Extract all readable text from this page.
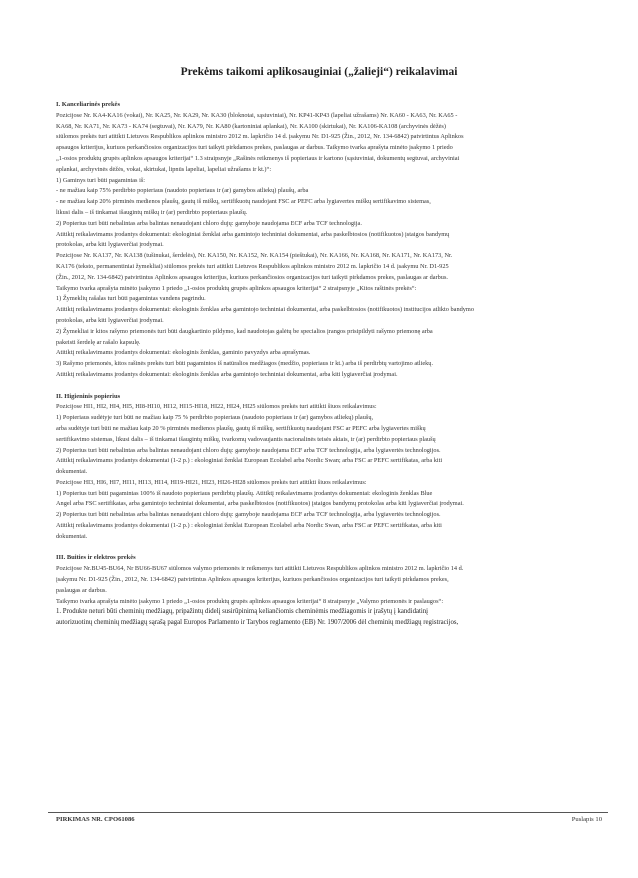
Prekėms taikomi aplikosauginiai („žalieji“) reikalavimai
I. Kanceliarinės prekės
Pozicijose Nr. KA4-KA16 (vokai), Nr. KA25, Nr. KA29, Nr. KA30 (bloknotai, sąsiuviniai), Nr. KP41-KP43 (lapeliai užrašams) Nr. KA60 - KA63, Nr. KA65 -
KA68, Nr. KA71, Nr. KA73 - KA74 (segtuvai), Nr. KA79, Nr. KA80 (kartoniniai aplankai), Nr. KA100 (skirtukai), Nr. KA106-KA108 (archyvinės dėžės)
siūlomos prekės turi atitikti Lietuvos Respublikos aplinkos ministro 2012 m. lapkričio 14 d. įsakymu Nr. D1-925 (Žin., 2012, Nr. 134-6842) patvirtintus Aplinkos
apsaugos kriterijus, kuriuos perkančiosios organizacijos turi taikyti pirkdamos prekes, paslaugas ar darbus. Taikymo tvarka aprašyta minėto įsakymo 1 priedo
„1-osios produktų grupės aplinkos apsaugos kriterijai“ 1.3 straipsnyje „Rašinės reikmenys iš popieriaus ir kartono (sąsiuviniai, dokumentų segtuvai, archyviniai
aplankai, archyvinės dėžės, vokai, skirtukai, lipnūs lapeliai, lapeliai užrašams ir kt.)“:
1) Gaminys turi būti pagamintas iš:
- ne mažiau kaip 75% perdirbto popieriaus (naudoto popieriaus ir (ar) gamybos atliekų) plaušų, arba
- ne mažiau kaip 20% pirminės medienos plaušų, gautų iš miškų, sertifikuotų naudojant FSC ar PEFC arba lygiavertes miškų sertifikavimo sistemas,
likusi dalis – iš tinkamai išaugintų miškų ir (ar) perdirbto popieriaus plaušų.
2) Popierius turi būti nebalintas arba balintas nenaudojant chloro dujų: gamyboje naudojama ECF arba TCF technologija.
Atitiktį reikalavimams įrodantys dokumentai: ekologiniai ženklai arba gamintojo techniniai dokumentai, arba paskelbtosios (notifikuotos) įstaigos bandymų
protokolas, arba kiti lygiaverčiai įrodymai.
Pozicijose Nr. KA137, Nr. KA138 (tušinukai, šerdelės), Nr. KA150, Nr. KA152, Nr. KA154 (pieštukai), Nr. KA166, Nr. KA168, Nr. KA171, Nr. KA173, Nr.
KA176 (teksto, permanentiniai žymekliai) siūlomos prekės turi atitikti Lietuvos Respublikos aplinkos ministro 2012 m. lapkričio 14 d. įsakymu Nr. D1-925
(Žin., 2012, Nr. 134-6842) patvirtintus Aplinkos apsaugos kriterijus, kuriuos perkančiosios organizacijos turi taikyti pirkdamos prekes, paslaugas ar darbus.
Taikymo tvarka aprašyta minėto įsakymo 1 priedo „1-osios produktų grupės aplinkos apsaugos kriterijai“ 2 straipsnyje „Kitos raštinės prekės“:
1) Žymeklių rašalas turi būti pagamintas vandens pagrindu.
Atitiktį reikalavimams įrodantys dokumentai: ekologinis ženklas arba gamintojo techniniai dokumentai, arba paskelbtosios (notifikuotos) institucijos atlikto bandymo
protokolas, arba kiti lygiaverčiai įrodymai.
2) Žymekliai ir kitos rašymo priemonės turi būti daugkartinio pildymo, kad naudotojas galėtų be specialios įrangos prisipildyti rašymo priemonę arba
pakeisti šerdelę ar rašalo kapsulę.
Atitiktį reikalavimams įrodantys dokumentai: ekologinis ženklas, gaminio pavyzdys arba aprašymas.
3) Rašymo priemonės, kitos rašinės prekės turi būti pagamintos iš natūralios medžiagos (medžio, popieriaus ir kt.) arba iš perdirbtų vartojimo atliekų.
Atitiktį reikalavimams įrodantys dokumentai: ekologinis ženklas arba gamintojo techniniai dokumentai, arba kiti lygiaverčiai įrodymai.
II. Higieninis popierius
Pozicijose HI1, HI2, HI4, HI5, HI8-HI10, HI12, HI15-HI18, HI22, HI24, HI25 siūlomos prekės turi atitikti šiuos reikalavimus:
1) Popieriaus sudėtyje turi būti ne mažiau kaip 75 % perdirbto popieriaus (naudoto popieriaus ir (ar) gamybos atliekų) plaušų,
arba sudėtyje turi būti ne mažiau kaip 20 % pirminės medienos plaušų, gautų iš miškų, sertifikuotų naudojant FSC ar PEFC arba lygiavertes miškų
sertifikavimo sistemas, likusi dalis – iš tinkamai išaugintų miškų, tvarkomų vadovaujantis nacionalinės teisės aktais, ir (ar) perdirbto popieriaus plaušų
2) Popierius turi būti nebalintas arba balintas nenaudojant chloro dujų: gamyboje naudojama ECF arba TCF technologija, arba lygiavertės technologijos.
Atitiktį reikalavimams įrodantys dokumentai (1-2 p.) : ekologiniai ženklai European Ecolabel arba Nordic Swan; arba FSC ar PEFC sertifikatas, arba kiti
dokumentai.
Pozicijose HI3, HI6, HI7, HI11, HI13, HI14, HI19-HI21, HI23, HI26-HI28 siūlomos prekės turi atitikti šiuos reikalavimus:
1) Popierius turi būti pagamintas 100% iš naudoto popieriaus perdirbtų plaušų. Atitiktį reikalavimams įrodantys dokumentai: ekologinis ženklas Blue
Angel arba FSC sertifikatas, arba gamintojo techniniai dokumentai, arba paskelbtosios (notifikuotos) įstaigos bandymų protokolas arba kiti lygiaverčiai įrodymai.
2) Popierius turi būti nebalintas arba balintas nenaudojant chloro dujų: gamyboje naudojama ECF arba TCF technologija, arba lygiavertės technologijos.
Atitiktį reikalavimams įrodantys dokumentai (1-2 p.) : ekologiniai ženklai European Ecolabel arba Nordic Swan, arba FSC ar PEFC sertifikatas, arba kiti
dokumentai.
III. Buities ir elektros prekės
Pozicijose Nr.BU45-BU64, Nr BU66-BU67 siūlomos valymo priemonės ir reikmenys turi atitikti Lietuvos Respublikos aplinkos ministro 2012 m. lapkričio 14 d.
įsakymu Nr. D1-925 (Žin., 2012, Nr. 134-6842) patvirtintus Aplinkos apsaugos kriterijus, kuriuos perkančiosios organizacijos turi taikyti pirkdamos prekes,
paslaugas ar darbus.
Taikymo tvarka aprašyta minėto įsakymo 1 priedo „1-osios produktų grupės aplinkos apsaugos kriterijai“ 8 straipsnyje „Valymo priemonės ir paslaugos“:
1. Produkte neturi būti cheminių medžiagų, pripažintų didelį susirūpinimą keliančiomis cheminėmis medžiagomis ir įrašytų į kandidatinį
autorizuotinų cheminių medžiagų sąrašą pagal Europos Parlamento ir Tarybos reglamento (EB) Nr. 1907/2006 dėl cheminių medžiagų registracijos,
PIRKIMAS NR. CPO61086	Puslapis 10
